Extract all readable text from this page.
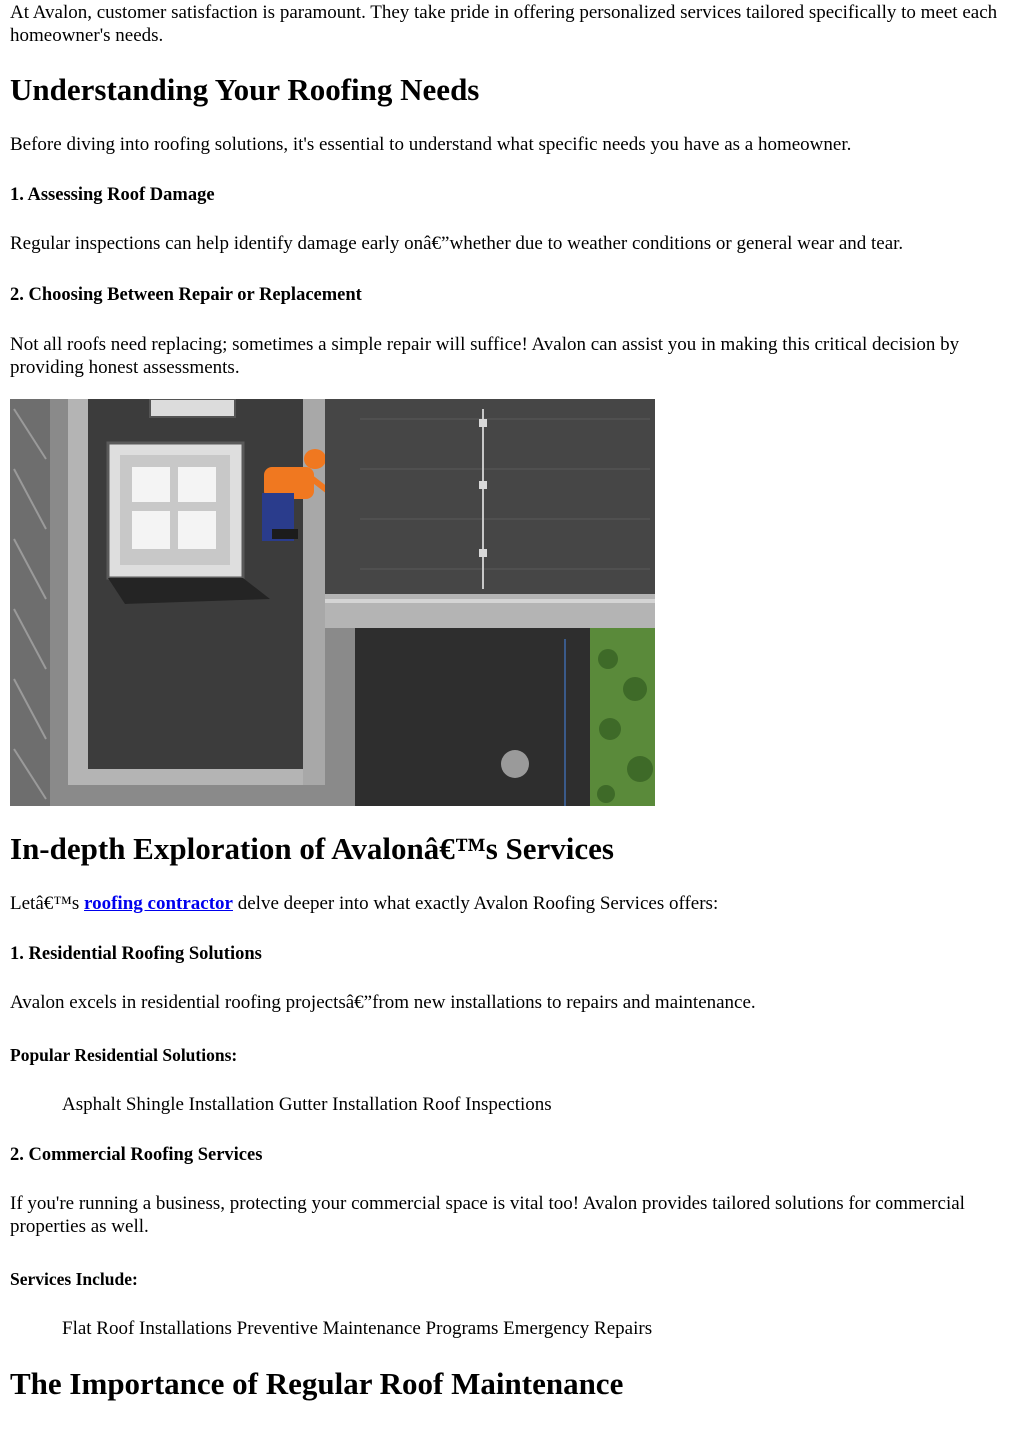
At Avalon, customer satisfaction is paramount. They take pride in offering personalized services tailored specifically to meet each homeowner's needs.

Understanding Your Roofing Needs

Before diving into roofing solutions, it's essential to understand what specific needs you have as a homeowner.

1. Assessing Roof Damage

Regular inspections can help identify damage early onâ€”whether due to weather conditions or general wear and tear.

2. Choosing Between Repair or Replacement

Not all roofs need replacing; sometimes a simple repair will suffice! Avalon can assist you in making this critical decision by providing honest assessments.

In-depth Exploration of Avalonâ€™s Services

Letâ€™s roofing contractor delve deeper into what exactly Avalon Roofing Services offers:

1. Residential Roofing Solutions

Avalon excels in residential roofing projectsâ€”from new installations to repairs and maintenance.

Popular Residential Solutions:

Asphalt Shingle Installation Gutter Installation Roof Inspections

2. Commercial Roofing Services

If you're running a business, protecting your commercial space is vital too! Avalon provides tailored solutions for commercial properties as well.

Services Include:

Flat Roof Installations Preventive Maintenance Programs Emergency Repairs

The Importance of Regular Roof Maintenance
